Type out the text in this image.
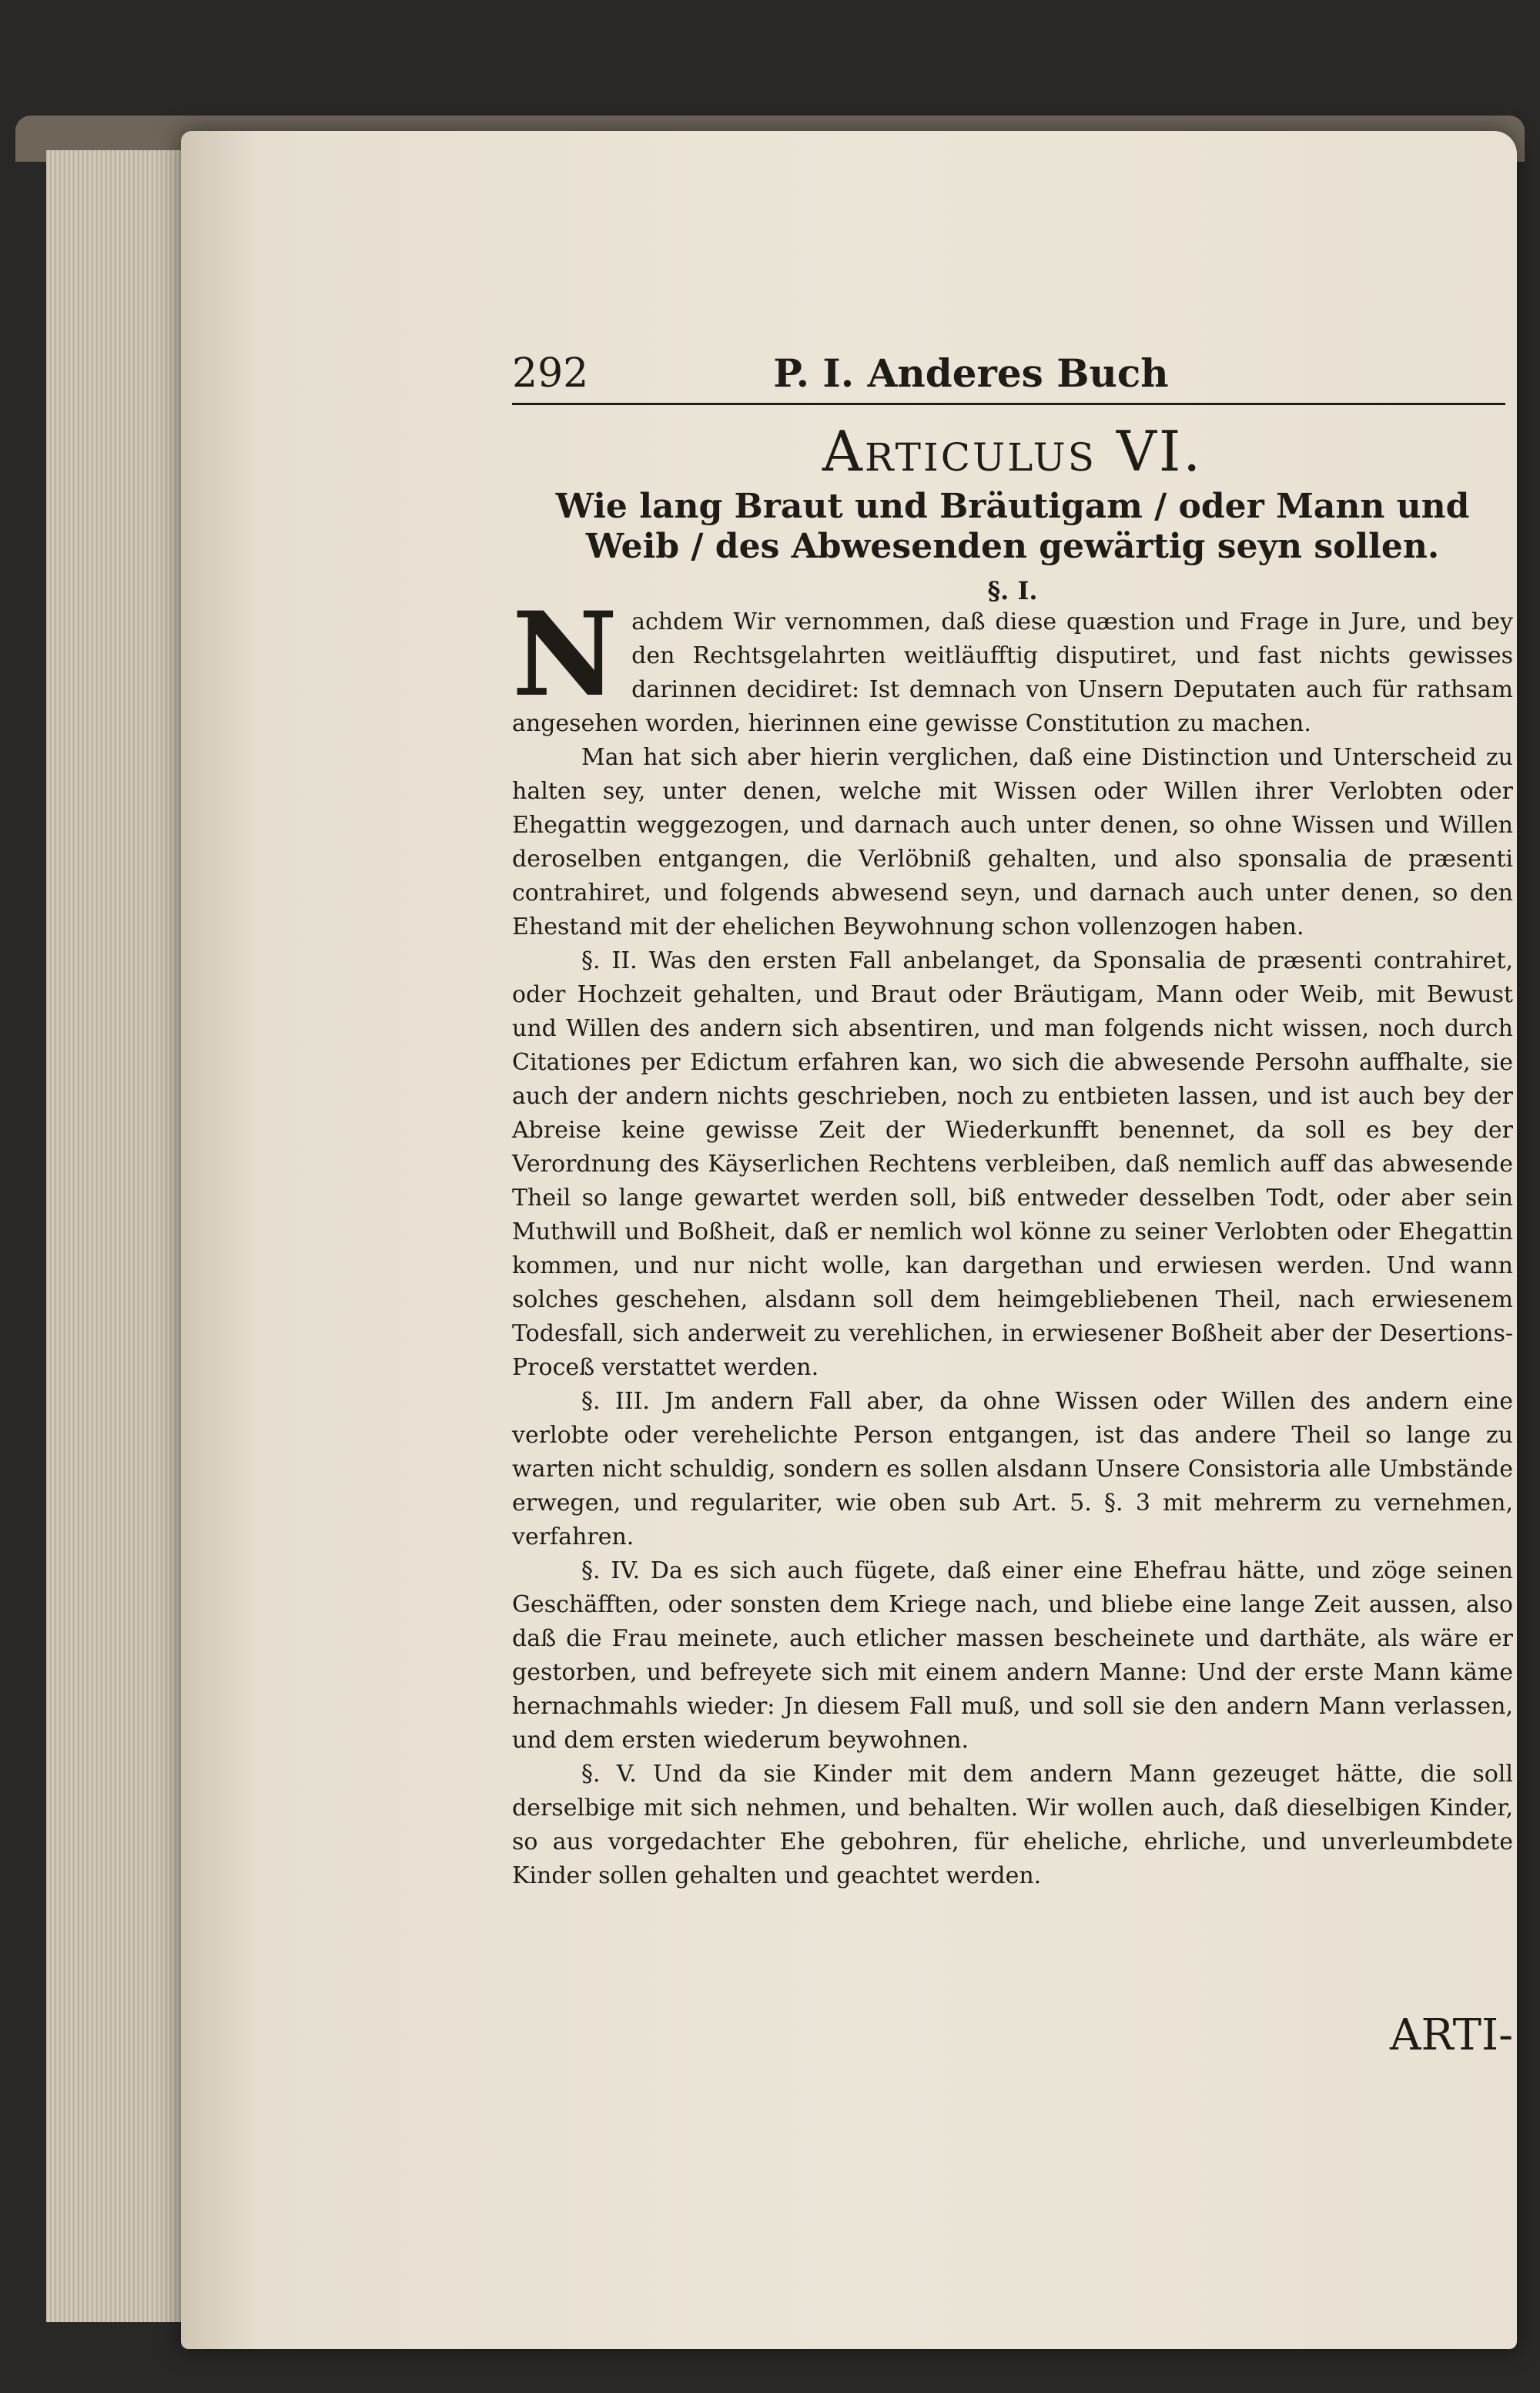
292	P. I. Anderes Buch
Articulus VI.
Wie lang Braut und Bräutigam / oder Mann und Weib / des Abwesenden gewärtig seyn sollen.
§. I.

N achdem Wir vernommen, daß diese quæstion und Frage in Jure, und bey den Rechtsgelahrten weitläufftig disputiret, und fast nichts gewisses darinnen decidiret: Ist demnach von Unsern Deputaten auch für rathsam angesehen worden, hierinnen eine gewisse Constitution zu machen.

Man hat sich aber hierin verglichen, daß eine Distinction und Unterscheid zu halten sey, unter denen, welche mit Wissen oder Willen ihrer Verlobten oder Ehegattin weggezogen, und darnach auch unter denen, so ohne Wissen und Willen deroselben entgangen, die Verlöbniß gehalten, und also sponsalia de præsenti contrahiret, und folgends abwesend seyn, und darnach auch unter denen, so den Ehestand mit der ehelichen Beywohnung schon vollenzogen haben.

§. II. Was den ersten Fall anbelanget, da Sponsalia de præsenti contrahiret, oder Hochzeit gehalten, und Braut oder Bräutigam, Mann oder Weib, mit Bewust und Willen des andern sich absentiren, und man folgends nicht wissen, noch durch Citationes per Edictum erfahren kan, wo sich die abwesende Persohn auffhalte, sie auch der andern nichts geschrieben, noch zu entbieten lassen, und ist auch bey der Abreise keine gewisse Zeit der Wiederkunfft benennet, da soll es bey der Verordnung des Käyserlichen Rechtens verbleiben, daß nemlich auff das abwesende Theil so lange gewartet werden soll, biß entweder desselben Todt, oder aber sein Muthwill und Boßheit, daß er nemlich wol könne zu seiner Verlobten oder Ehegattin kommen, und nur nicht wolle, kan dargethan und erwiesen werden. Und wann solches geschehen, alsdann soll dem heimgebliebenen Theil, nach erwiesenem Todesfall, sich anderweit zu verehlichen, in erwiesener Boßheit aber der Desertions-Proceß verstattet werden.

§. III. Jm andern Fall aber, da ohne Wissen oder Willen des andern eine verlobte oder verehelichte Person entgangen, ist das andere Theil so lange zu warten nicht schuldig, sondern es sollen alsdann Unsere Consistoria alle Umbstände erwegen, und regulariter, wie oben sub Art. 5. §. 3 mit mehrerm zu vernehmen, verfahren.

§. IV. Da es sich auch fügete, daß einer eine Ehefrau hätte, und zöge seinen Geschäfften, oder sonsten dem Kriege nach, und bliebe eine lange Zeit aussen, also daß die Frau meinete, auch etlicher massen bescheinete und darthäte, als wäre er gestorben, und befreyete sich mit einem andern Manne: Und der erste Mann käme hernachmahls wieder: Jn diesem Fall muß, und soll sie den andern Mann verlassen, und dem ersten wiederum beywohnen.

§. V. Und da sie Kinder mit dem andern Mann gezeuget hätte, die soll derselbige mit sich nehmen, und behalten. Wir wollen auch, daß dieselbigen Kinder, so aus vorgedachter Ehe gebohren, für eheliche, ehrliche, und unverleumbdete Kinder sollen gehalten und geachtet werden.

ARTI-
